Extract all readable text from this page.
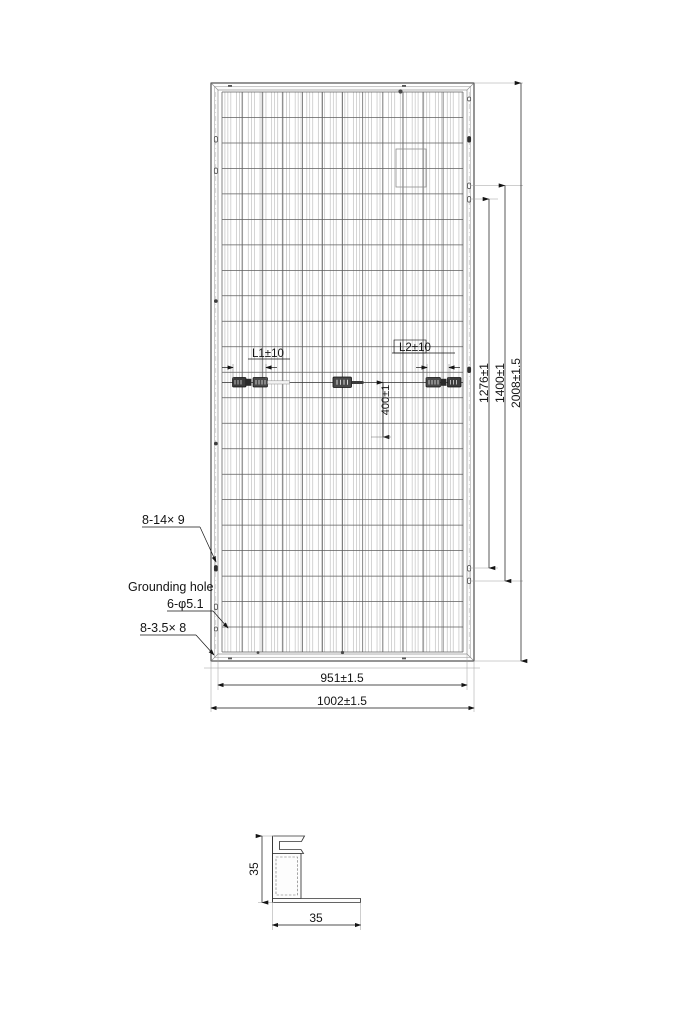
L1±10	L2±10
400±1	1276±1 1400±1 2008±1.5
951±1.5
1002±1.5
8-14× 9
Grounding hole
6-φ5.1
8-3.5× 8
35
35
